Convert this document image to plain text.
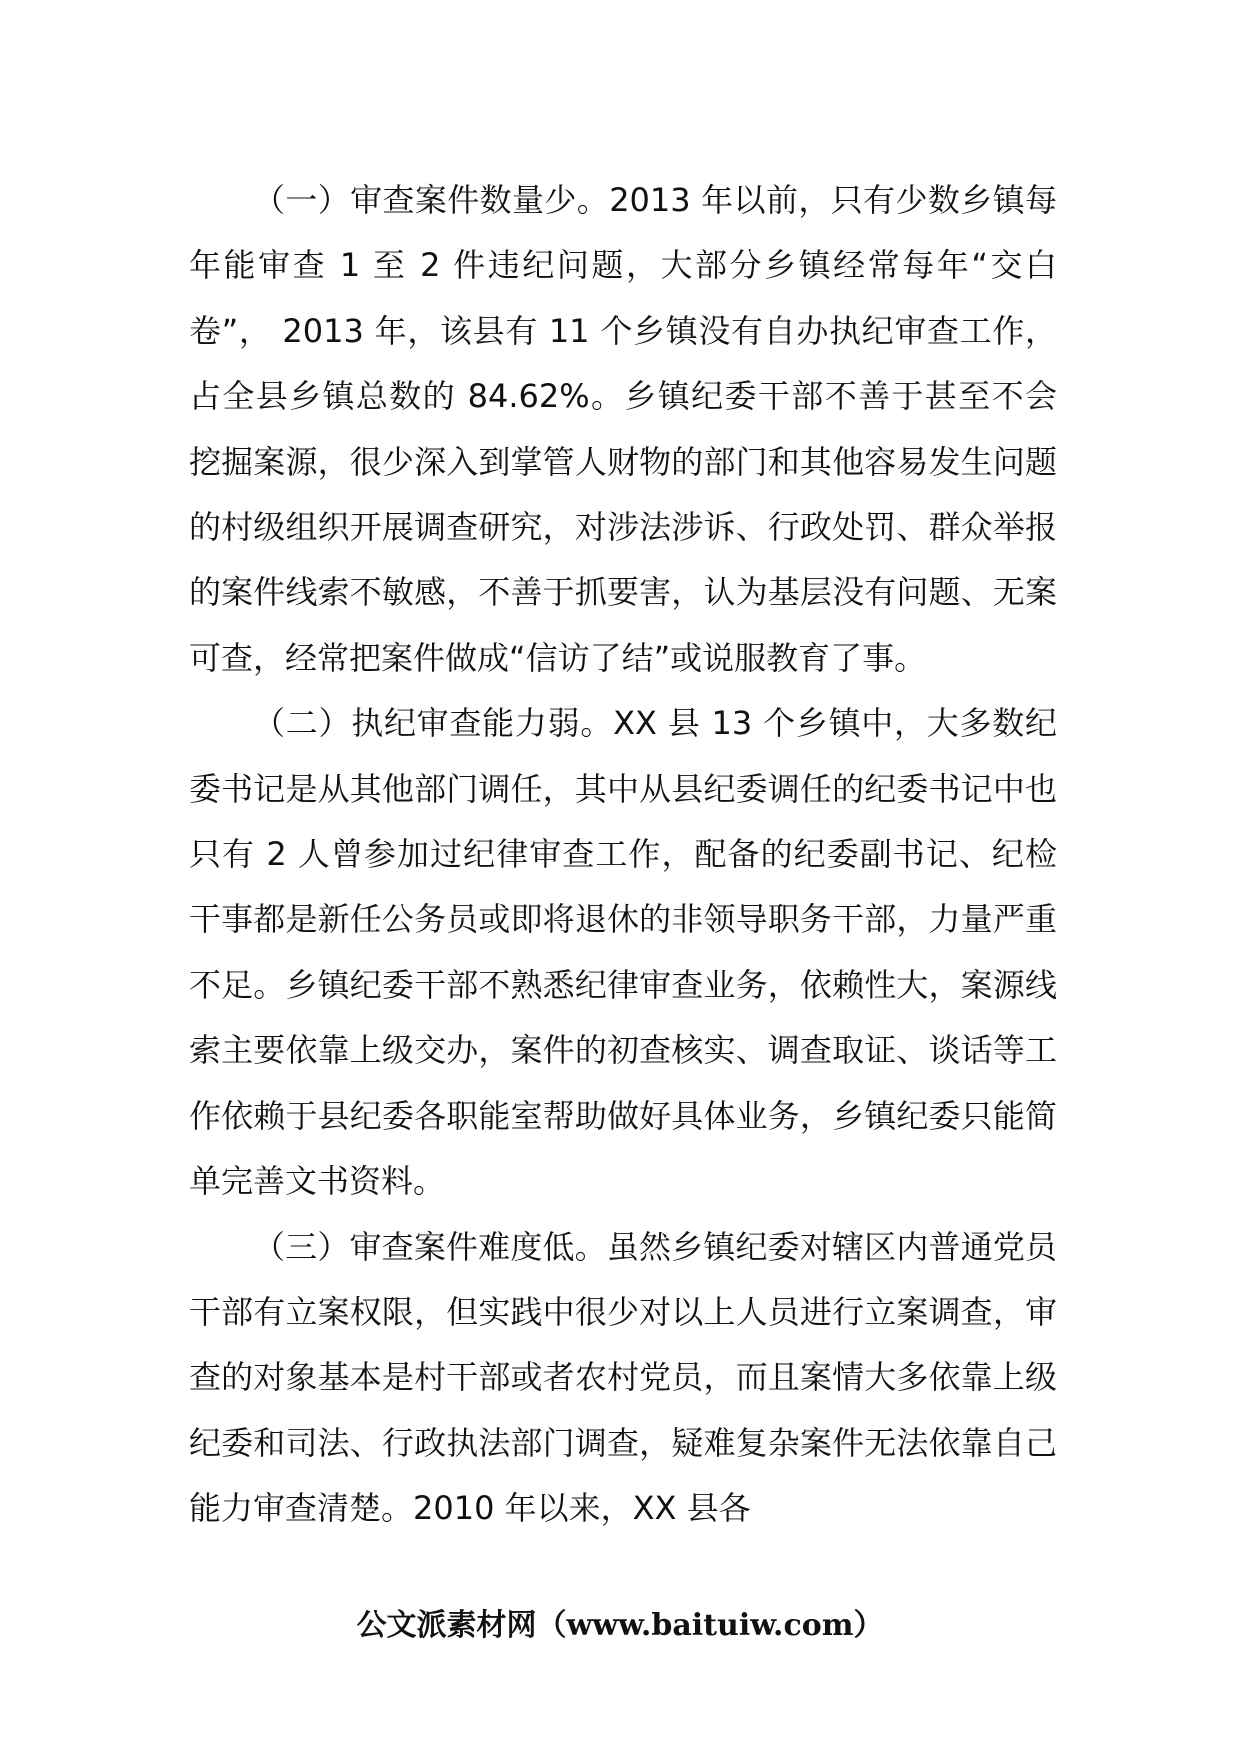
（一）审查案件数量少。2013 年以前，只有少数乡镇每年能审查 1 至 2 件违纪问题，大部分乡镇经常每年“交白卷”， 2013 年，该县有 11 个乡镇没有自办执纪审查工作，占全县乡镇总数的 84.62%。乡镇纪委干部不善于甚至不会挖掘案源，很少深入到掌管人财物的部门和其他容易发生问题的村级组织开展调查研究，对涉法涉诉、行政处罚、群众举报的案件线索不敏感，不善于抓要害，认为基层没有问题、无案可查，经常把案件做成“信访了结”或说服教育了事。

（二）执纪审查能力弱。XX 县 13 个乡镇中，大多数纪委书记是从其他部门调任，其中从县纪委调任的纪委书记中也只有 2 人曾参加过纪律审查工作，配备的纪委副书记、纪检干事都是新任公务员或即将退休的非领导职务干部，力量严重不足。乡镇纪委干部不熟悉纪律审查业务，依赖性大，案源线索主要依靠上级交办，案件的初查核实、调查取证、谈话等工作依赖于县纪委各职能室帮助做好具体业务，乡镇纪委只能简单完善文书资料。

（三）审查案件难度低。虽然乡镇纪委对辖区内普通党员干部有立案权限，但实践中很少对以上人员进行立案调查，审查的对象基本是村干部或者农村党员，而且案情大多依靠上级纪委和司法、行政执法部门调查，疑难复杂案件无法依靠自己能力审查清楚。2010 年以来，XX 县各

公文派素材网（www.baituiw.com）
